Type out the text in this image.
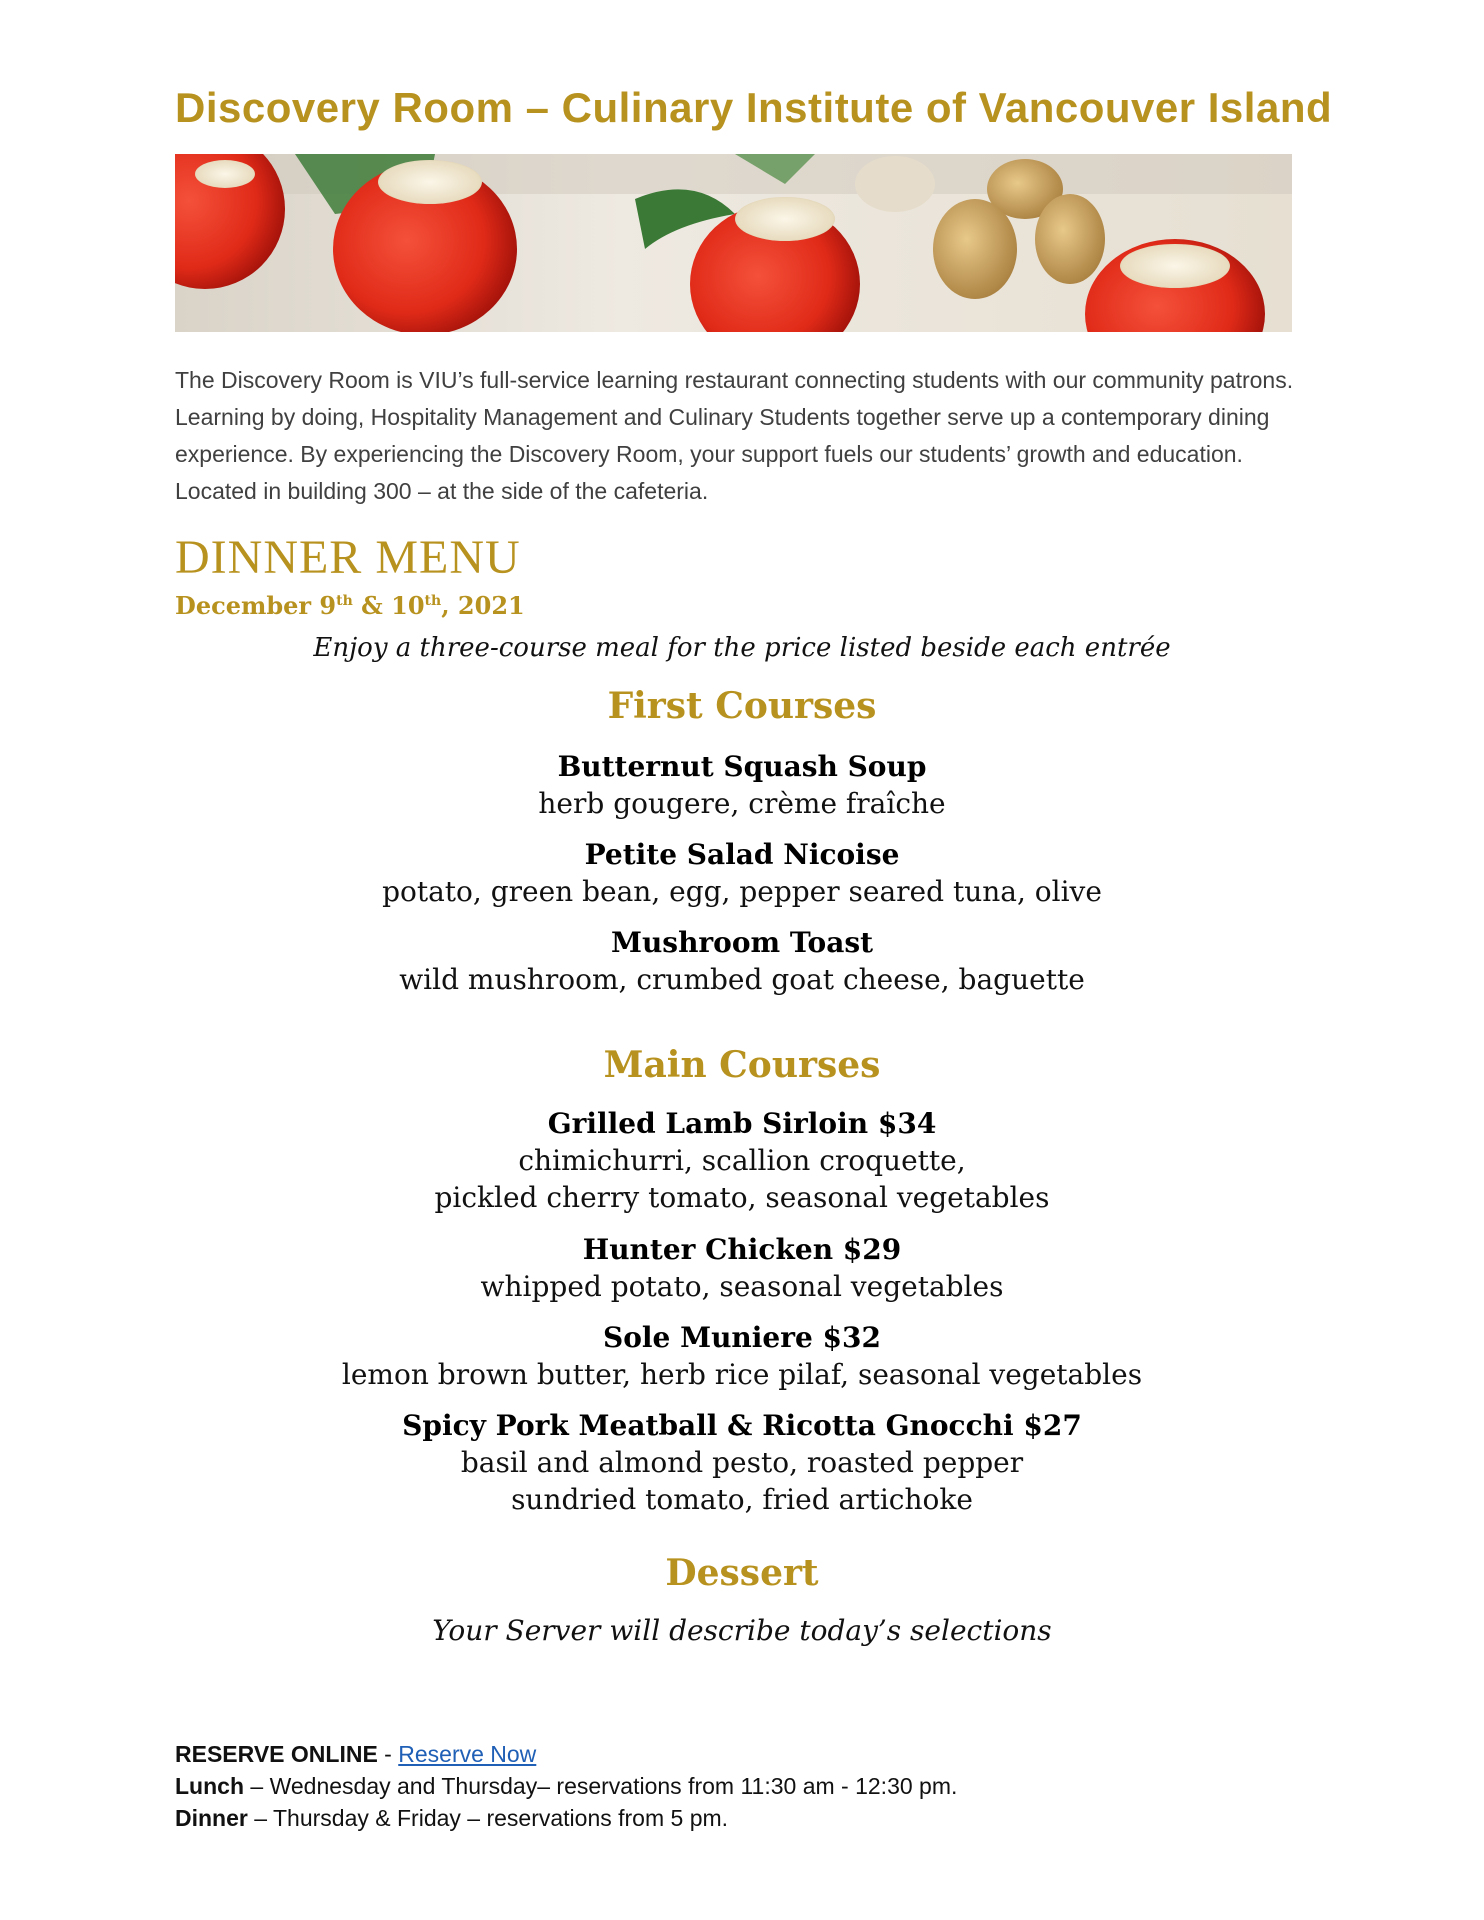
Discovery Room – Culinary Institute of Vancouver Island
The Discovery Room is VIU’s full-service learning restaurant connecting students with our community patrons. Learning by doing, Hospitality Management and Culinary Students together serve up a contemporary dining experience. By experiencing the Discovery Room, your support fuels our students’ growth and education. Located in building 300 – at the side of the cafeteria.
DINNER MENU
December 9th & 10th, 2021
Enjoy a three-course meal for the price listed beside each entrée
First Courses
Butternut Squash Soup
herb gougere, crème fraîche
Petite Salad Nicoise
potato, green bean, egg, pepper seared tuna, olive
Mushroom Toast
wild mushroom, crumbed goat cheese, baguette
Main Courses
Grilled Lamb Sirloin $34
chimichurri, scallion croquette,
pickled cherry tomato, seasonal vegetables
Hunter Chicken $29
whipped potato, seasonal vegetables
Sole Muniere $32
lemon brown butter, herb rice pilaf, seasonal vegetables
Spicy Pork Meatball & Ricotta Gnocchi $27
basil and almond pesto, roasted pepper
sundried tomato, fried artichoke
Dessert
Your Server will describe today’s selections
RESERVE ONLINE - Reserve Now
Lunch – Wednesday and Thursday– reservations from 11:30 am - 12:30 pm.
Dinner – Thursday & Friday – reservations from 5 pm.
